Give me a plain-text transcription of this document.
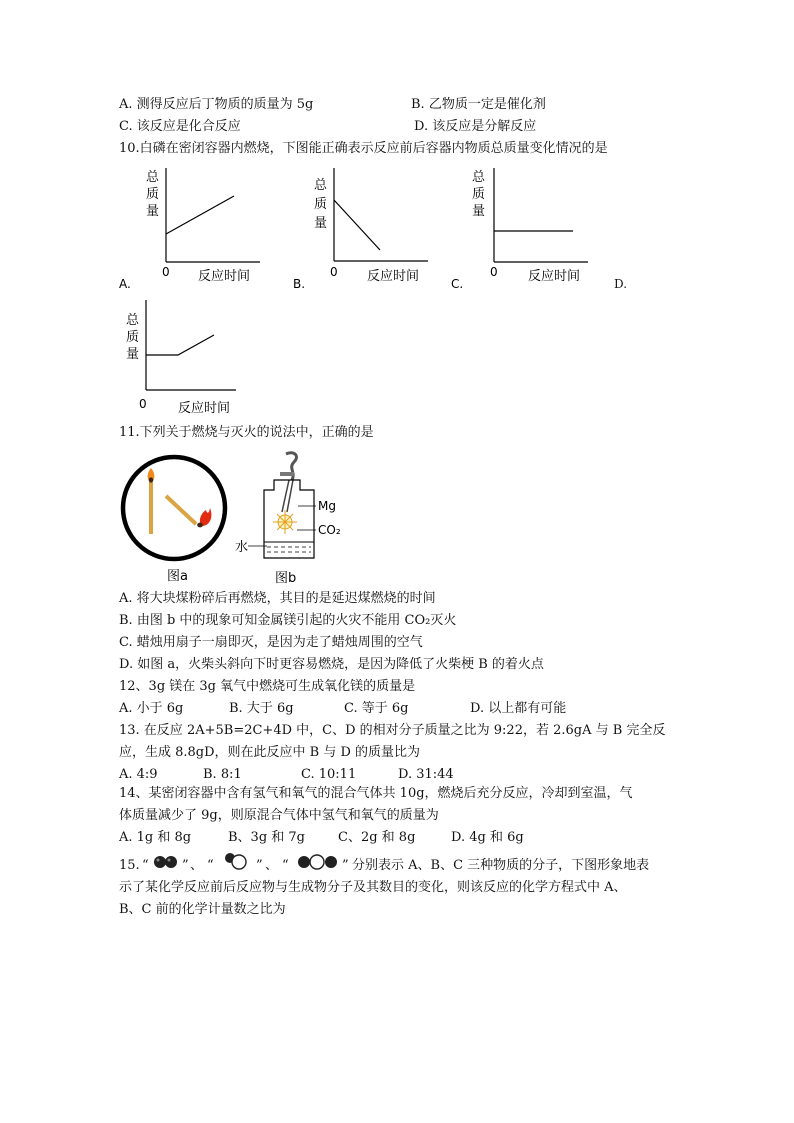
A. 测得反应后丁物质的质量为 5g	B. 乙物质一定是催化剂
C. 该反应是化合反应	D. 该反应是分解反应
10.白磷在密闭容器内燃烧，下图能正确表示反应前后容器内物质总质量变化情况的是
总
质
量
0 反应时间
A.
总
质
量
0 反应时间
B.
总
质
量
0 反应时间
C.	D.
总
质
量
0 反应时间
11.下列关于燃烧与灭火的说法中，正确的是
图a
Mg
CO₂
水
图b
A. 将大块煤粉碎后再燃烧，其目的是延迟煤燃烧的时间
B. 由图 b 中的现象可知金属镁引起的火灾不能用 CO₂灭火
C. 蜡烛用扇子一扇即灭，是因为走了蜡烛周围的空气
D. 如图 a，火柴头斜向下时更容易燃烧，是因为降低了火柴梗 B 的着火点
12、3g 镁在 3g 氧气中燃烧可生成氧化镁的质量是
A. 小于 6g	B. 大于 6g	C. 等于 6g	D. 以上都有可能
13. 在反应 2A+5B=2C+4D 中，C、D 的相对分子质量之比为 9:22，若 2.6gA 与 B 完全反
应，生成 8.8gD，则在此反应中 B 与 D 的质量比为
A. 4:9	B. 8:1	C. 10:11	D. 31:44
14、某密闭容器中含有氢气和氧气的混合气体共 10g，燃烧后充分反应，冷却到室温，气
体质量减少了 9g，则原混合气体中氢气和氧气的质量为
A. 1g 和 8g	B、3g 和 7g	C、2g 和 8g	D. 4g 和 6g
15. “	” 、 “	” 、 “	” 分别表示 A、B、C 三种物质的分子，下图形象地表
示了某化学反应前后反应物与生成物分子及其数目的变化，则该反应的化学方程式中 A、
B、C 前的化学计量数之比为
